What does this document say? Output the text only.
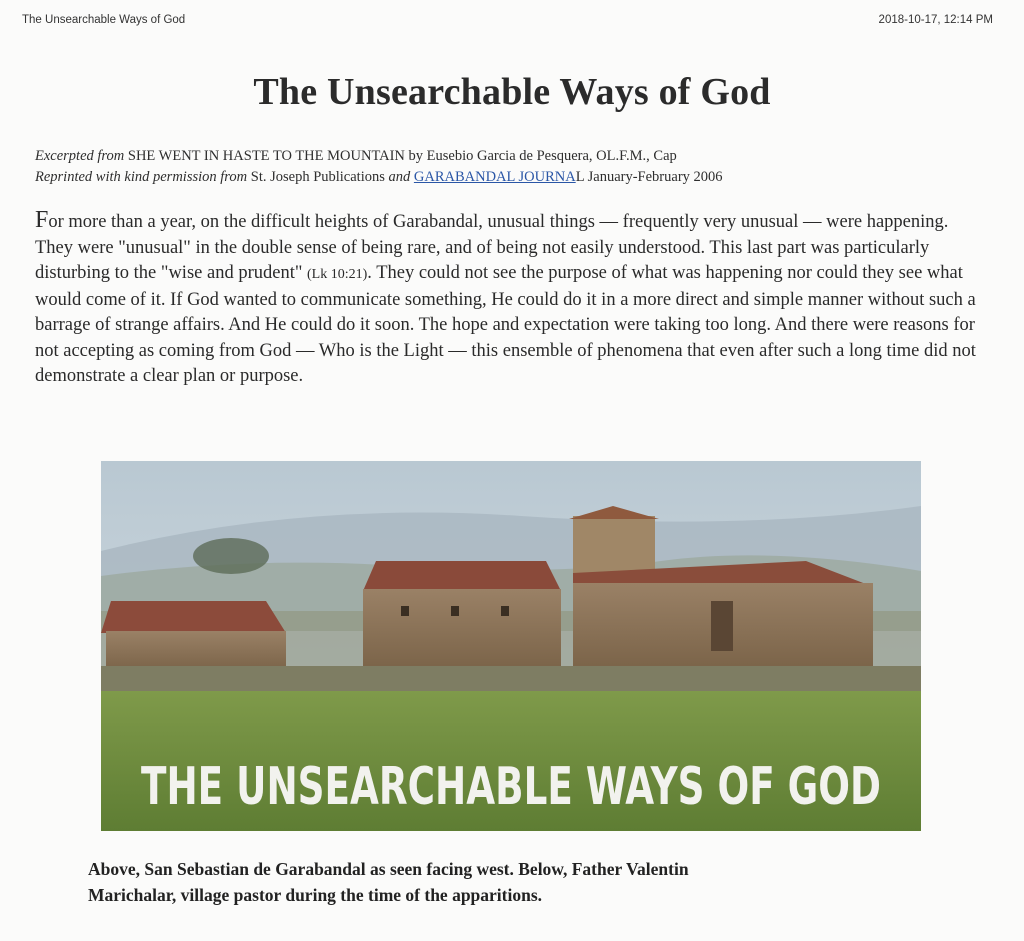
The Unsearchable Ways of God	2018-10-17, 12:14 PM
The Unsearchable Ways of God
Excerpted from SHE WENT IN HASTE TO THE MOUNTAIN by Eusebio Garcia de Pesquera, OL.F.M., Cap
Reprinted with kind permission from St. Joseph Publications and GARABANDAL JOURNAL January-February 2006

For more than a year, on the difficult heights of Garabandal, unusual things — frequently very unusual — were happening. They were "unusual" in the double sense of being rare, and of being not easily understood. This last part was particularly disturbing to the "wise and prudent" (Lk 10:21). They could not see the purpose of what was happening nor could they see what would come of it. If God wanted to communicate something, He could do it in a more direct and simple manner without such a barrage of strange affairs. And He could do it soon. The hope and expectation were taking too long. And there were reasons for not accepting as coming from God — Who is the Light — this ensemble of phenomena that even after such a long time did not demonstrate a clear plan or purpose.

THE UNSEARCHABLE WAYS OF GOD
Above, San Sebastian de Garabandal as seen facing west. Below, Father Valentin
Marichalar, village pastor during the time of the apparitions.
